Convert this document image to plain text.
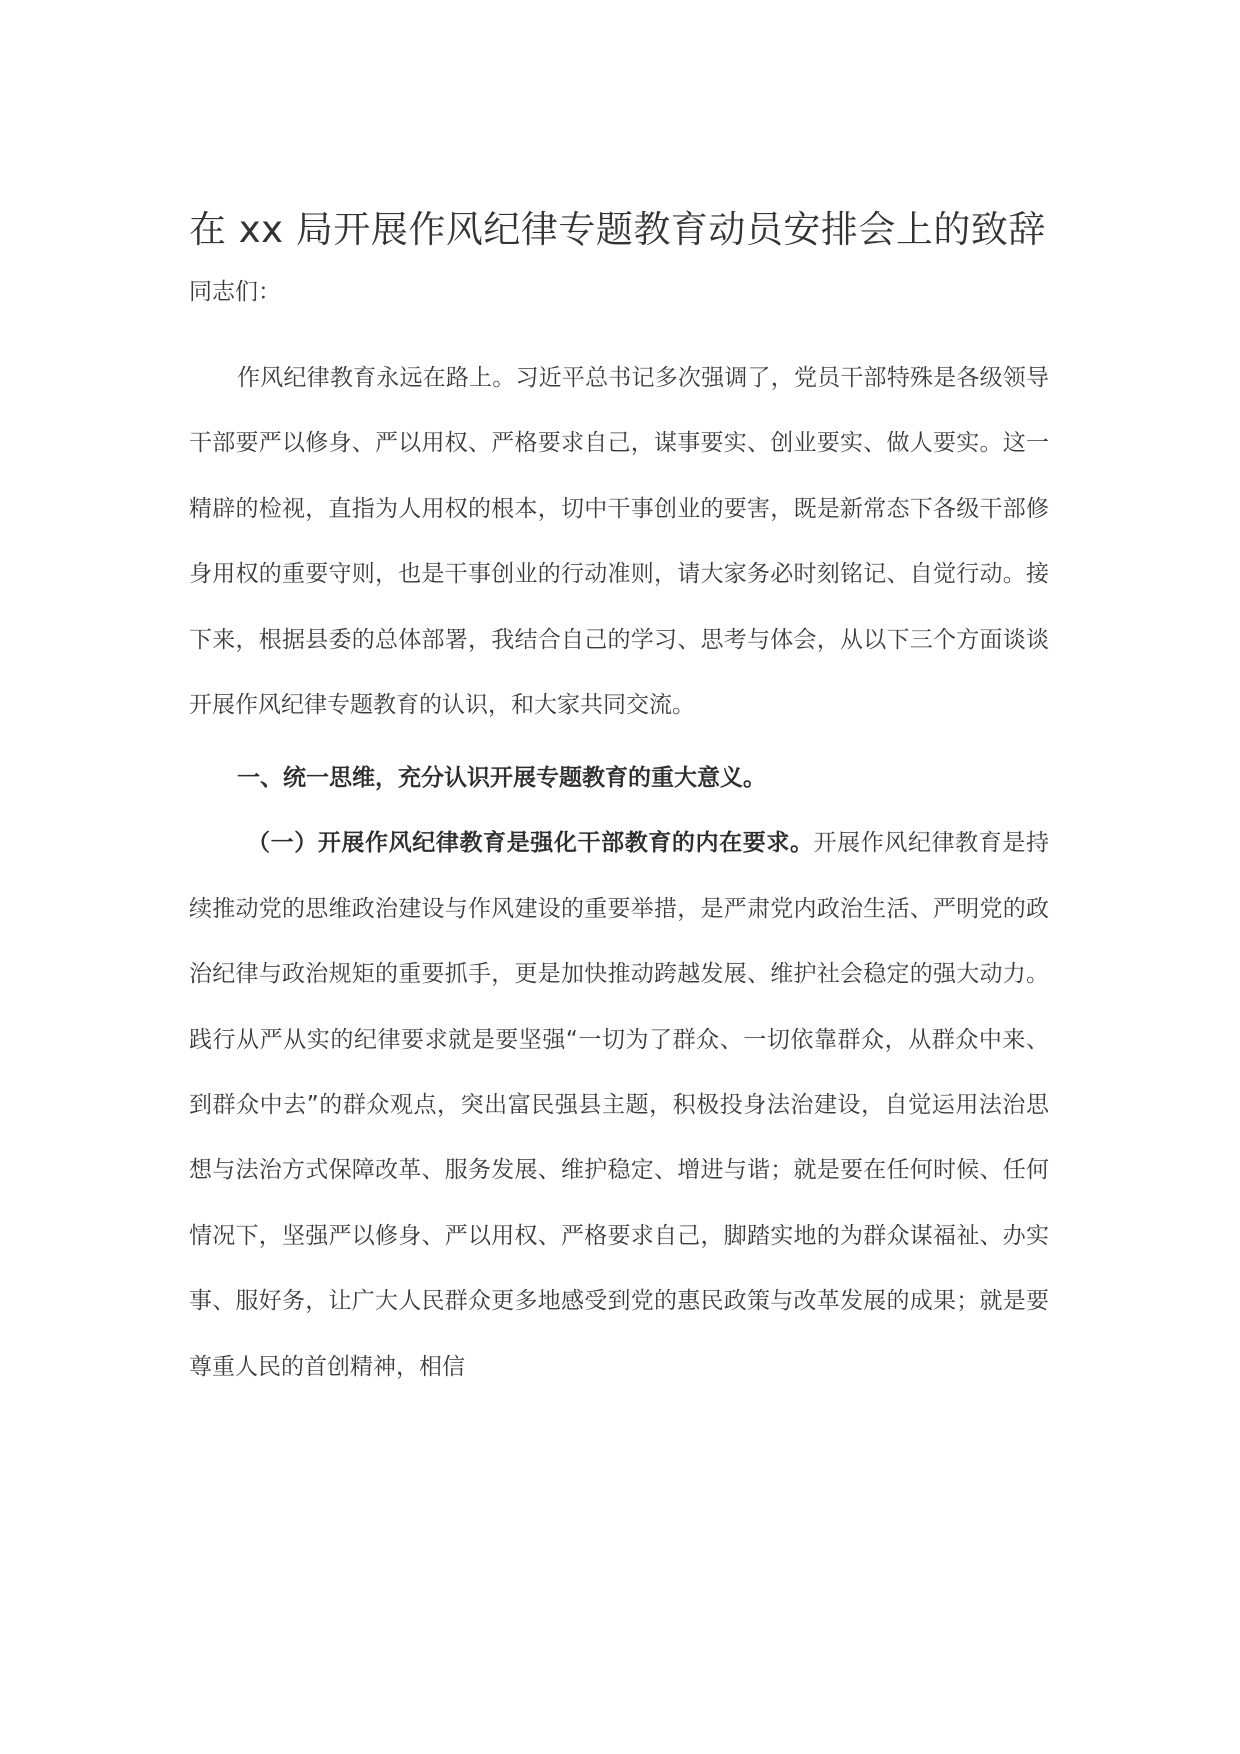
在 xx 局开展作风纪律专题教育动员安排会上的致辞

同志们：

作风纪律教育永远在路上。习近平总书记多次强调了，党员干部特殊是各级领导干部要严以修身、严以用权、严格要求自己，谋事要实、创业要实、做人要实。这一精辟的检视，直指为人用权的根本，切中干事创业的要害，既是新常态下各级干部修身用权的重要守则，也是干事创业的行动准则，请大家务必时刻铭记、自觉行动。接下来，根据县委的总体部署，我结合自己的学习、思考与体会，从以下三个方面谈谈开展作风纪律专题教育的认识，和大家共同交流。

一、统一思维，充分认识开展专题教育的重大意义。

（一）开展作风纪律教育是强化干部教育的内在要求。开展作风纪律教育是持续推动党的思维政治建设与作风建设的重要举措，是严肃党内政治生活、严明党的政治纪律与政治规矩的重要抓手，更是加快推动跨越发展、维护社会稳定的强大动力。践行从严从实的纪律要求就是要坚强“一切为了群众、一切依靠群众，从群众中来、到群众中去”的群众观点，突出富民强县主题，积极投身法治建设，自觉运用法治思想与法治方式保障改革、服务发展、维护稳定、增进与谐；就是要在任何时候、任何情况下，坚强严以修身、严以用权、严格要求自己，脚踏实地的为群众谋福祉、办实事、服好务，让广大人民群众更多地感受到党的惠民政策与改革发展的成果；就是要尊重人民的首创精神，相信
